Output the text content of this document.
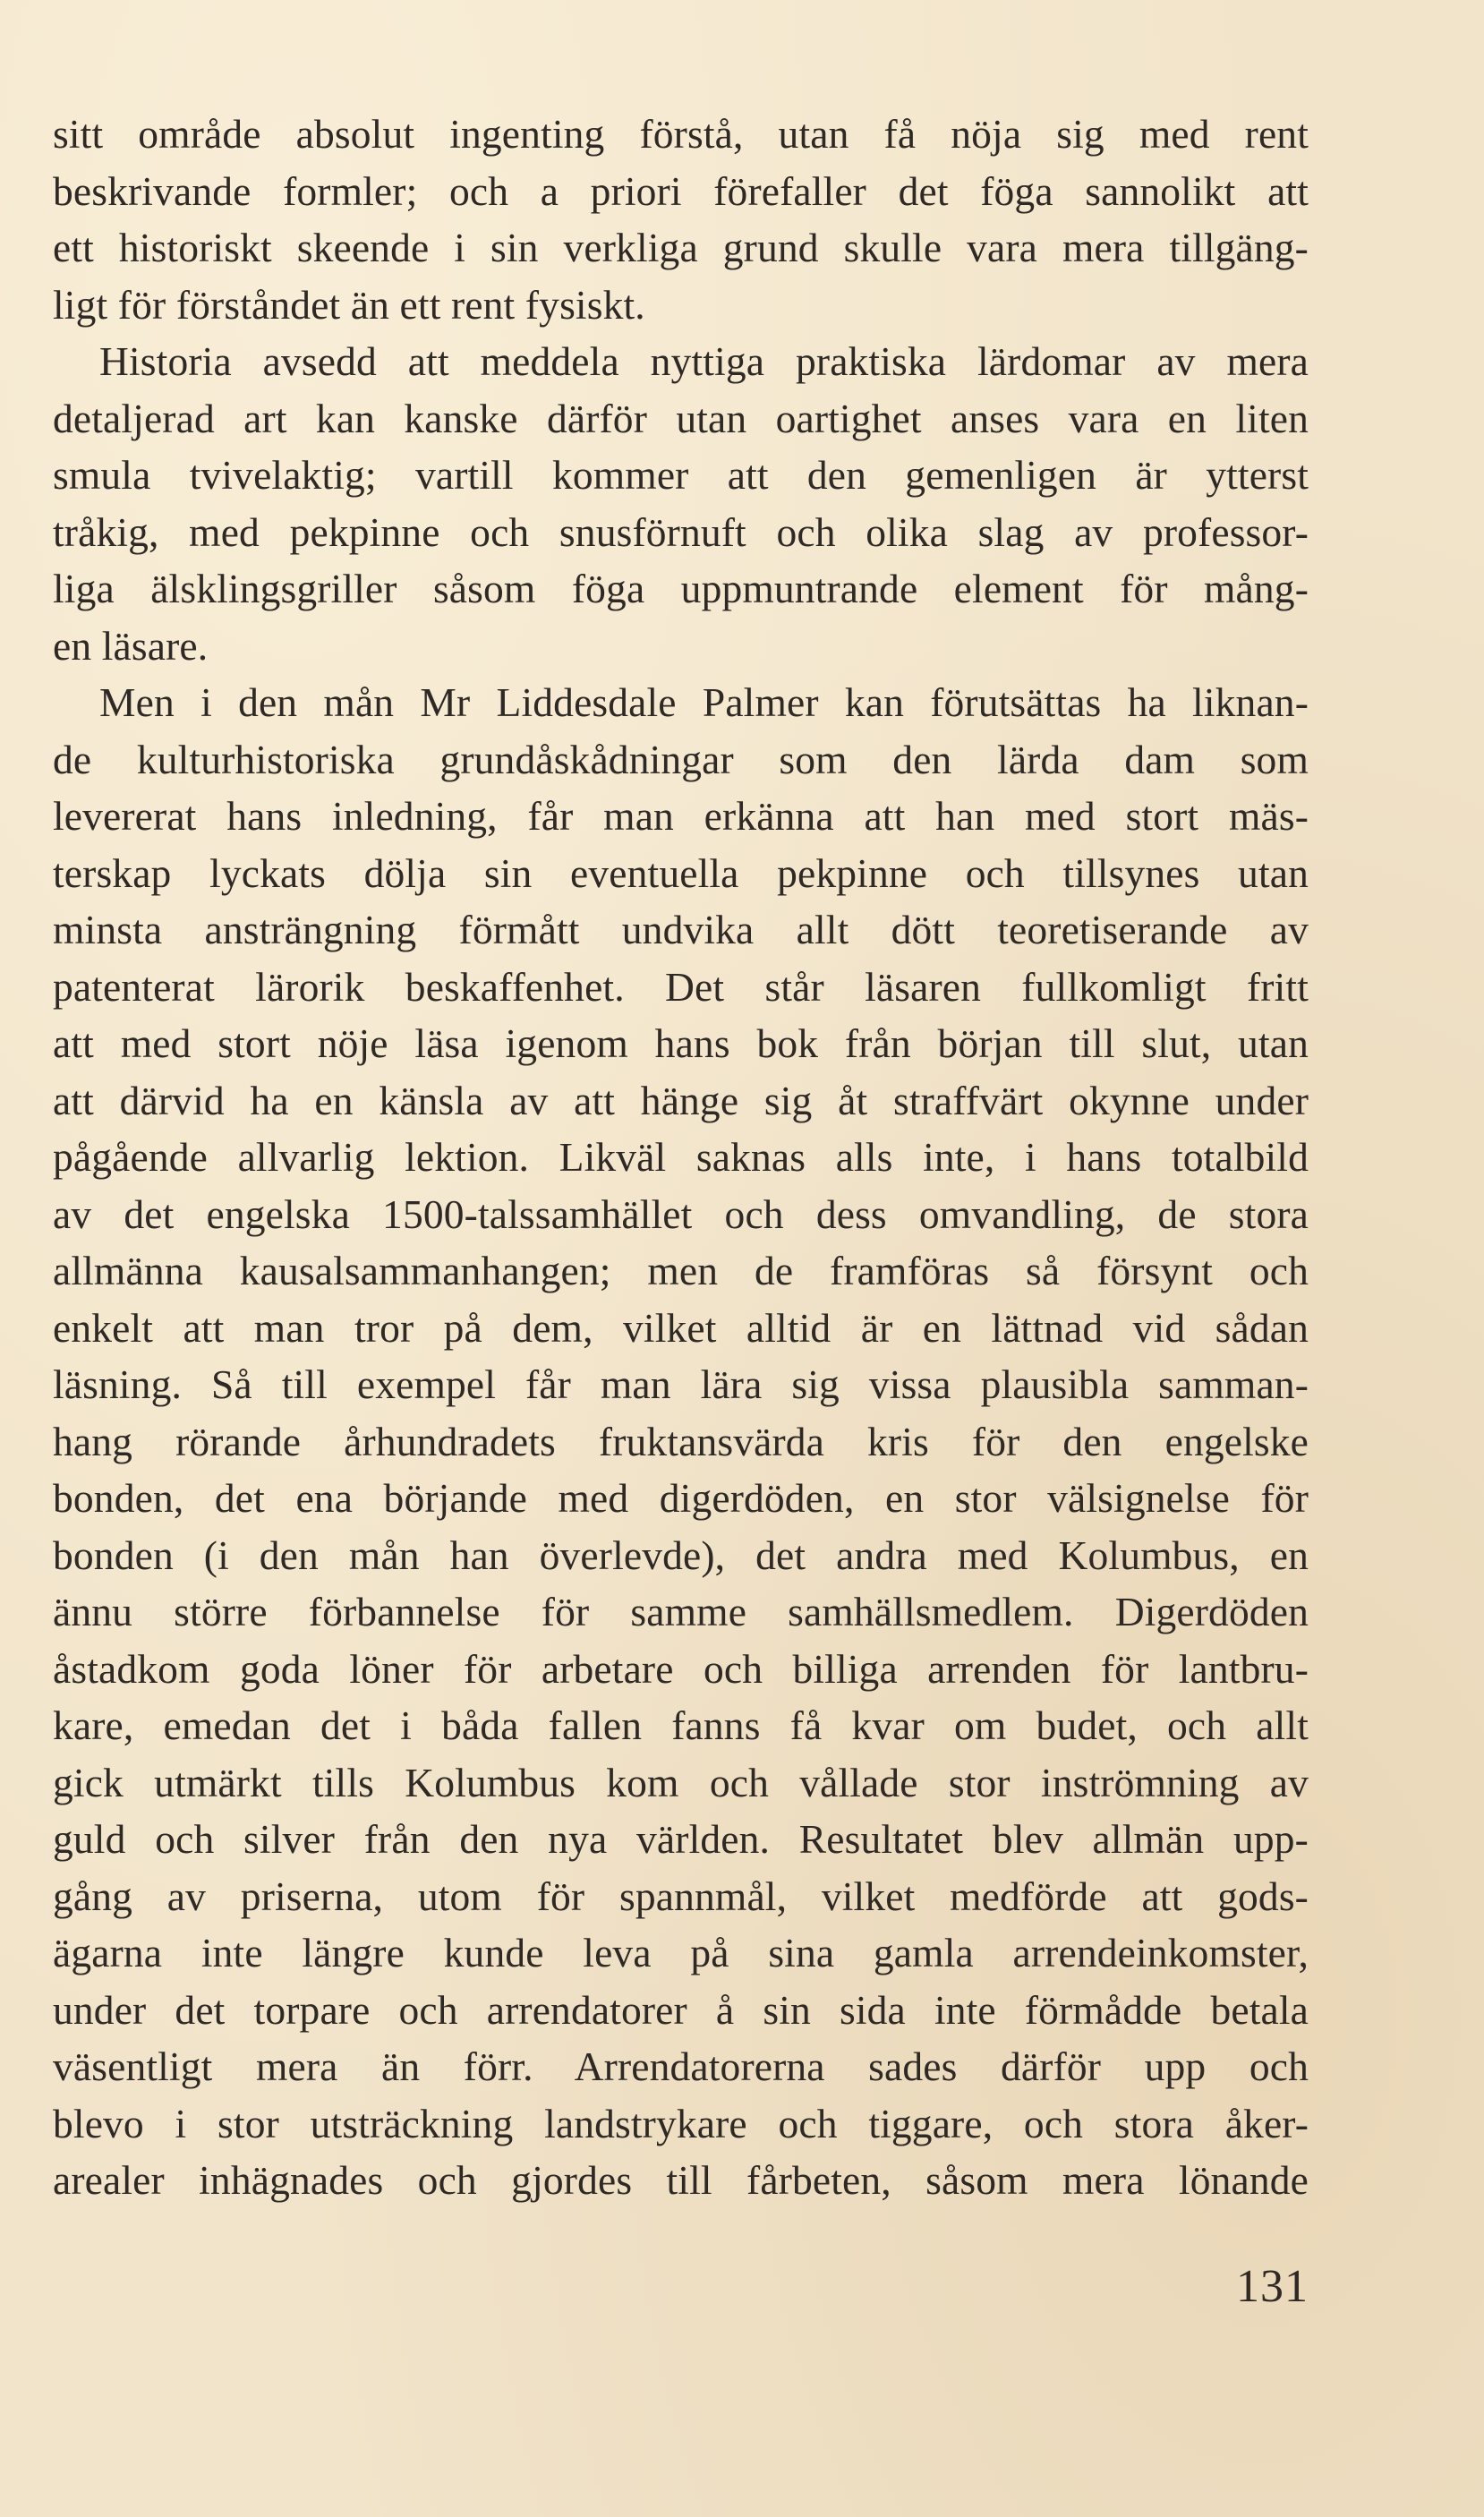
sitt område absolut ingenting förstå, utan få nöja sig med rent
beskrivande formler; och a priori förefaller det föga sannolikt att
ett historiskt skeende i sin verkliga grund skulle vara mera tillgäng-
ligt för förståndet än ett rent fysiskt.

Historia avsedd att meddela nyttiga praktiska lärdomar av mera
detaljerad art kan kanske därför utan oartighet anses vara en liten
smula tvivelaktig; vartill kommer att den gemenligen är ytterst
tråkig, med pekpinne och snusförnuft och olika slag av professor-
liga älsklingsgriller såsom föga uppmuntrande element för mång-
en läsare.

Men i den mån Mr Liddesdale Palmer kan förutsättas ha liknan-
de kulturhistoriska grundåskådningar som den lärda dam som
levererat hans inledning, får man erkänna att han med stort mäs-
terskap lyckats dölja sin eventuella pekpinne och tillsynes utan
minsta ansträngning förmått undvika allt dött teoretiserande av
patenterat lärorik beskaffenhet. Det står läsaren fullkomligt fritt
att med stort nöje läsa igenom hans bok från början till slut, utan
att därvid ha en känsla av att hänge sig åt straffvärt okynne under
pågående allvarlig lektion. Likväl saknas alls inte, i hans totalbild
av det engelska 1500-talssamhället och dess omvandling, de stora
allmänna kausalsammanhangen; men de framföras så försynt och
enkelt att man tror på dem, vilket alltid är en lättnad vid sådan
läsning. Så till exempel får man lära sig vissa plausibla samman-
hang rörande århundradets fruktansvärda kris för den engelske
bonden, det ena börjande med digerdöden, en stor välsignelse för
bonden (i den mån han överlevde), det andra med Kolumbus, en
ännu större förbannelse för samme samhällsmedlem. Digerdöden
åstadkom goda löner för arbetare och billiga arrenden för lantbru-
kare, emedan det i båda fallen fanns få kvar om budet, och allt
gick utmärkt tills Kolumbus kom och vållade stor inströmning av
guld och silver från den nya världen. Resultatet blev allmän upp-
gång av priserna, utom för spannmål, vilket medförde att gods-
ägarna inte längre kunde leva på sina gamla arrendeinkomster,
under det torpare och arrendatorer å sin sida inte förmådde betala
väsentligt mera än förr. Arrendatorerna sades därför upp och
blevo i stor utsträckning landstrykare och tiggare, och stora åker-
arealer inhägnades och gjordes till fårbeten, såsom mera lönande

131
